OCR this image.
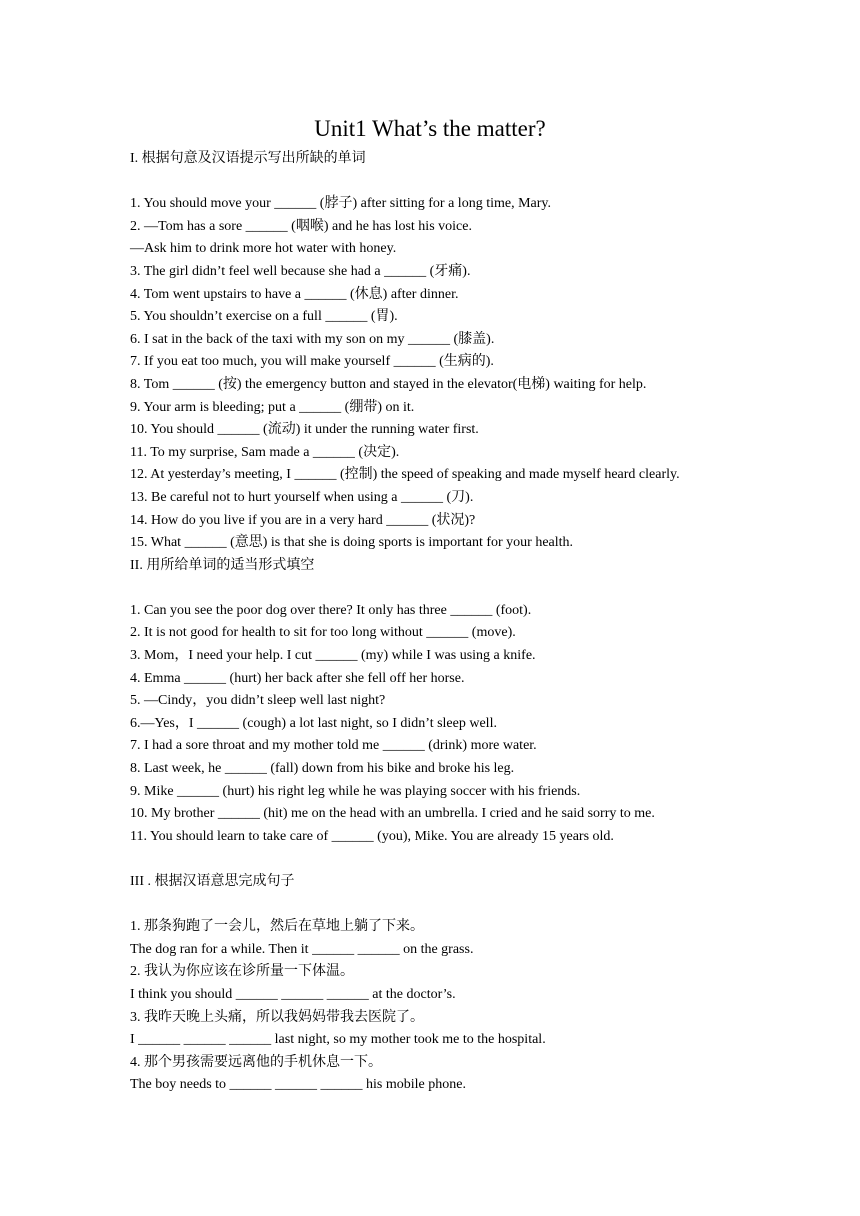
Unit1 What’s the matter?
I. 根据句意及汉语提示写出所缺的单词
1. You should move your ______ (脖子) after sitting for a long time, Mary.
2. —Tom has a sore ______ (咽喉) and he has lost his voice.
—Ask him to drink more hot water with honey.
3. The girl didn’t feel well because she had a ______ (牙痛).
4. Tom went upstairs to have a ______ (休息) after dinner.
5. You shouldn’t exercise on a full ______ (胃).
6. I sat in the back of the taxi with my son on my ______ (膝盖).
7. If you eat too much, you will make yourself ______ (生病的).
8. Tom ______ (按) the emergency button and stayed in the elevator(电梯) waiting for help.
9. Your arm is bleeding; put a ______ (绷带) on it.
10. You should ______ (流动) it under the running water first.
11. To my surprise, Sam made a ______ (决定).
12. At yesterday’s meeting, I ______ (控制) the speed of speaking and made myself heard clearly.
13. Be careful not to hurt yourself when using a ______ (刀).
14. How do you live if you are in a very hard ______ (状况)?
15. What ______ (意思) is that she is doing sports is important for your health.
II. 用所给单词的适当形式填空
1. Can you see the poor dog over there? It only has three ______ (foot).
2. It is not good for health to sit for too long without ______ (move).
3. Mom，I need your help. I cut ______ (my) while I was using a knife.
4. Emma ______ (hurt) her back after she fell off her horse.
5. —Cindy，you didn’t sleep well last night?
6.—Yes，I ______ (cough) a lot last night, so I didn’t sleep well.
7. I had a sore throat and my mother told me ______ (drink) more water.
8. Last week, he ______ (fall) down from his bike and broke his leg.
9. Mike ______ (hurt) his right leg while he was playing soccer with his friends.
10. My brother ______ (hit) me on the head with an umbrella. I cried and he said sorry to me.
11. You should learn to take care of ______ (you), Mike. You are already 15 years old.
III . 根据汉语意思完成句子
1. 那条狗跑了一会儿，然后在草地上躺了下来。
The dog ran for a while. Then it ______ ______ on the grass.
2. 我认为你应该在诊所量一下体温。
I think you should ______ ______ ______ at the doctor’s.
3. 我昨天晚上头痛，所以我妈妈带我去医院了。
I ______ ______ ______ last night, so my mother took me to the hospital.
4. 那个男孩需要远离他的手机休息一下。
The boy needs to ______ ______ ______ his mobile phone.
